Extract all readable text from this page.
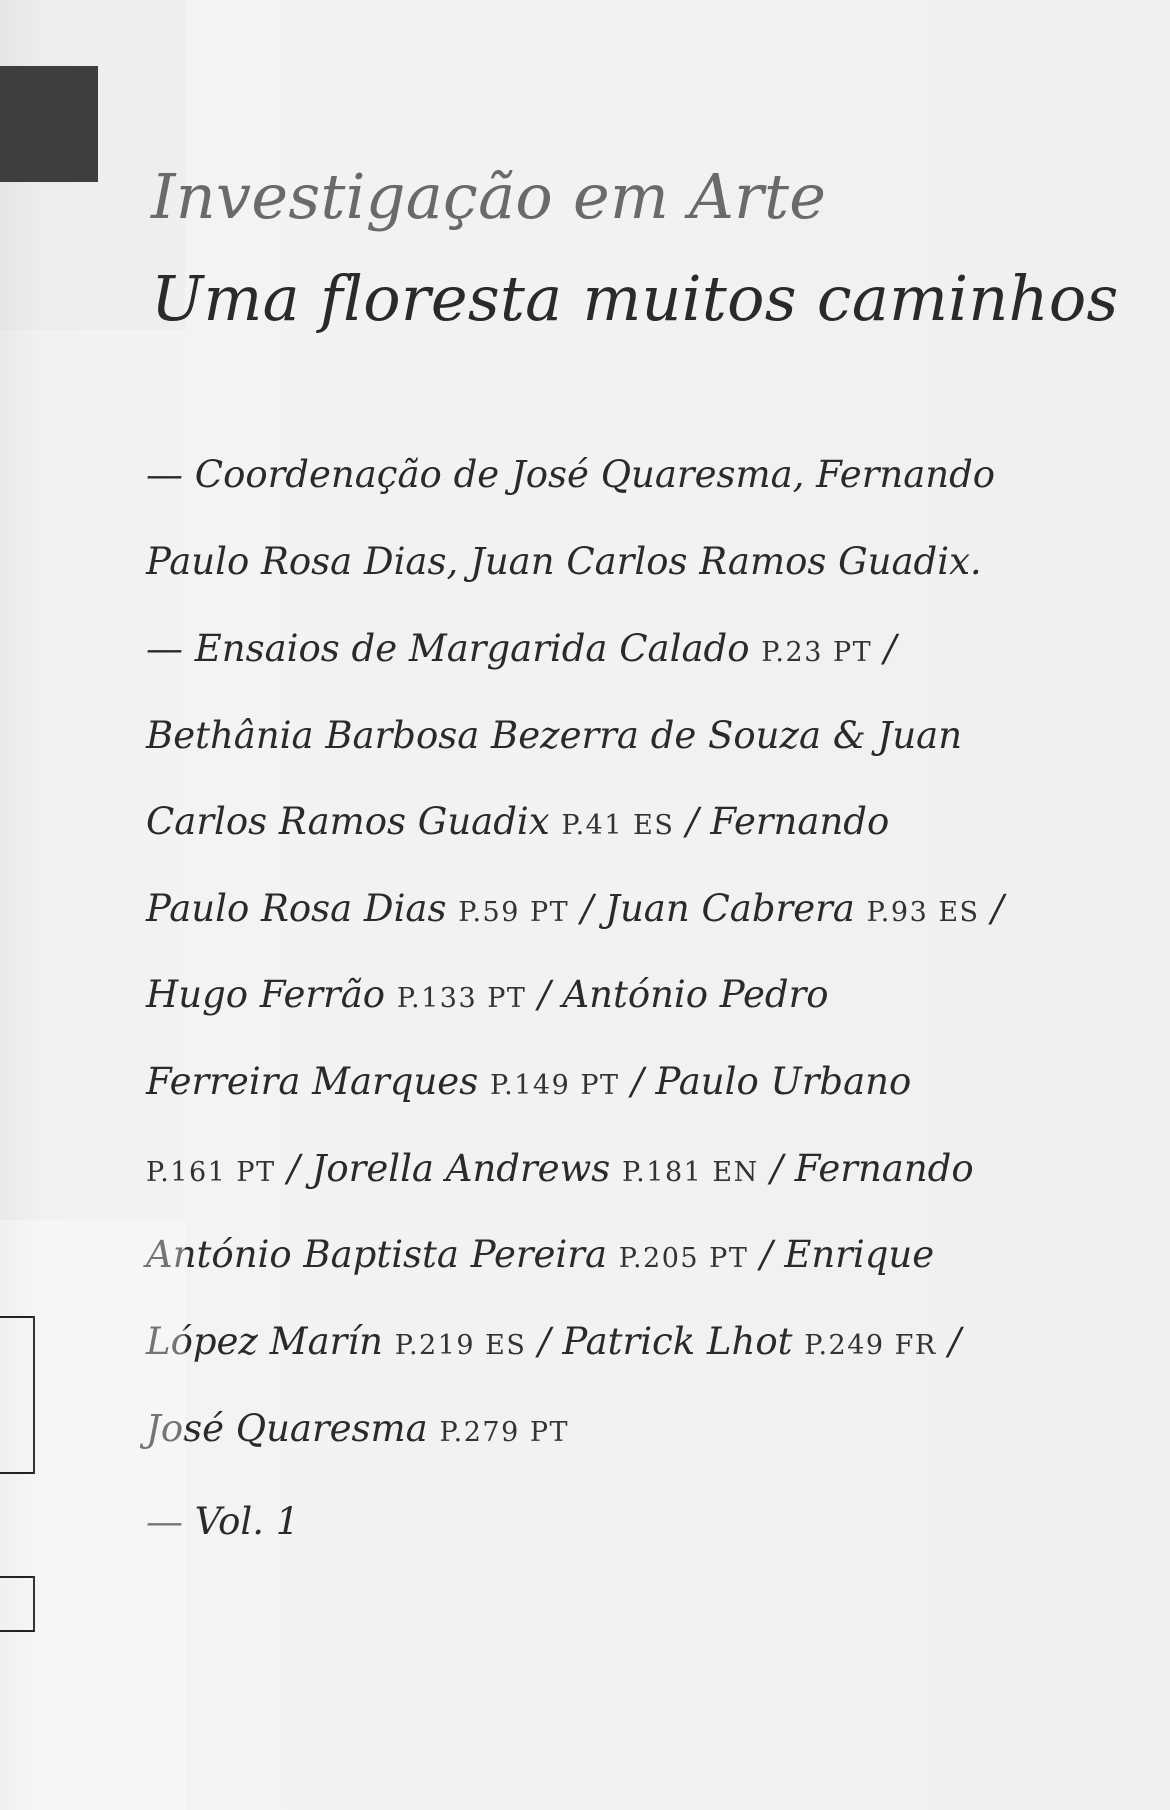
Investigação em Arte
Uma floresta muitos caminhos
— Coordenação de José Quaresma, Fernando
Paulo Rosa Dias, Juan Carlos Ramos Guadix.
— Ensaios de Margarida Calado P.23 PT /
Bethânia Barbosa Bezerra de Souza & Juan
Carlos Ramos Guadix P.41 ES / Fernando
Paulo Rosa Dias P.59 PT / Juan Cabrera P.93 ES /
Hugo Ferrão P.133 PT / António Pedro
Ferreira Marques P.149 PT / Paulo Urbano
P.161 PT / Jorella Andrews P.181 EN / Fernando
António Baptista Pereira P.205 PT / Enrique
López Marín P.219 ES / Patrick Lhot P.249 FR /
José Quaresma P.279 PT
— Vol. 1
